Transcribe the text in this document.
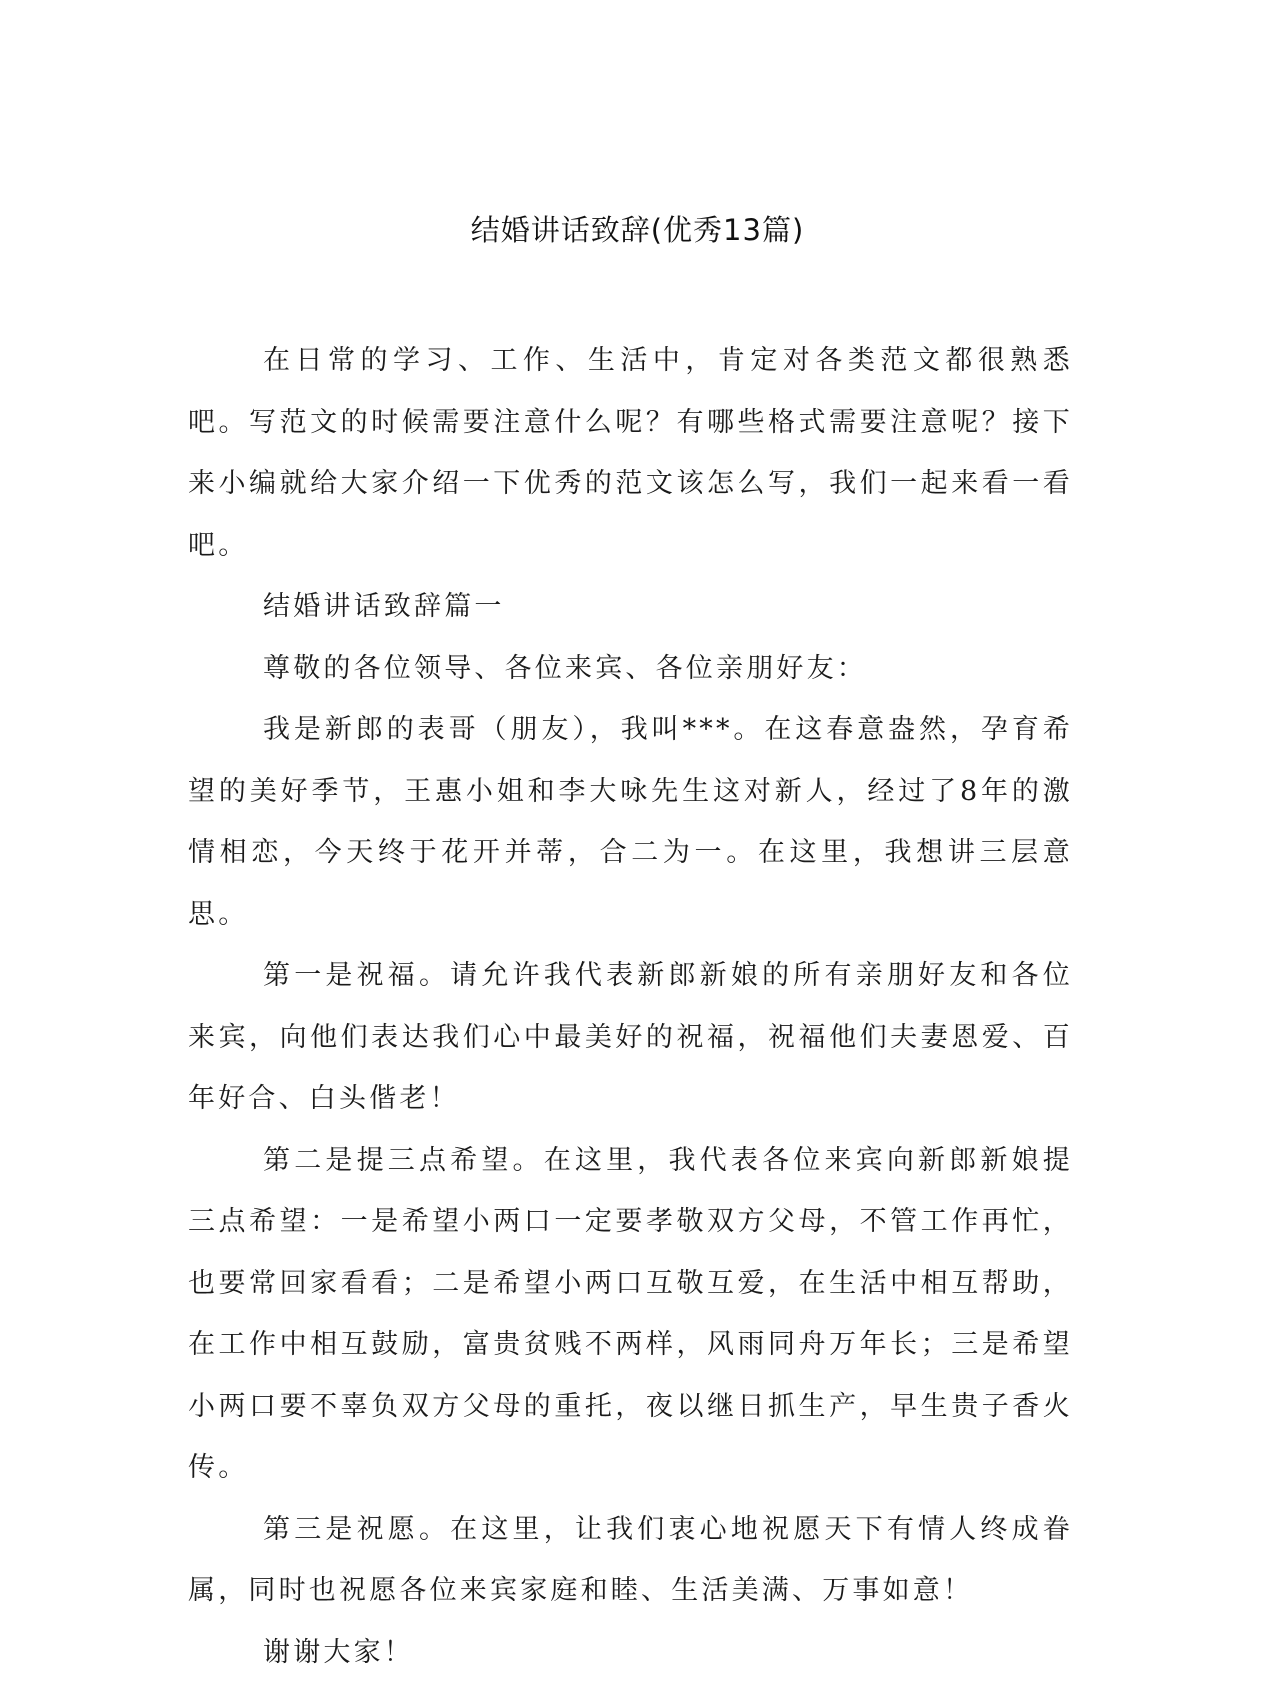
结婚讲话致辞(优秀13篇)

在日常的学习、工作、生活中，肯定对各类范文都很熟悉吧。写范文的时候需要注意什么呢？有哪些格式需要注意呢？接下来小编就给大家介绍一下优秀的范文该怎么写，我们一起来看一看吧。

结婚讲话致辞篇一

尊敬的各位领导、各位来宾、各位亲朋好友：

我是新郎的表哥（朋友），我叫***。在这春意盎然，孕育希望的美好季节，王惠小姐和李大咏先生这对新人，经过了8年的激情相恋，今天终于花开并蒂，合二为一。在这里，我想讲三层意思。

第一是祝福。请允许我代表新郎新娘的所有亲朋好友和各位来宾，向他们表达我们心中最美好的祝福，祝福他们夫妻恩爱、百年好合、白头偕老！

第二是提三点希望。在这里，我代表各位来宾向新郎新娘提三点希望：一是希望小两口一定要孝敬双方父母，不管工作再忙，也要常回家看看；二是希望小两口互敬互爱，在生活中相互帮助，在工作中相互鼓励，富贵贫贱不两样，风雨同舟万年长；三是希望小两口要不辜负双方父母的重托，夜以继日抓生产，早生贵子香火传。

第三是祝愿。在这里，让我们衷心地祝愿天下有情人终成眷属，同时也祝愿各位来宾家庭和睦、生活美满、万事如意！

谢谢大家！
